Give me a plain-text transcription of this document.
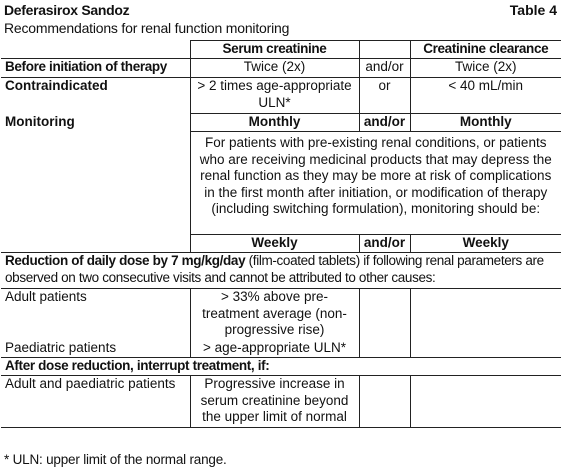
Deferasirox Sandoz	Table 4
Recommendations for renal function monitoring
	Serum creatinine		Creatinine clearance
Before initiation of therapy	Twice (2x)	and/or	Twice (2x)
Contraindicated	> 2 times age-appropriate ULN*	or	< 40 mL/min
Monitoring	Monthly	and/or	Monthly
	For patients with pre-existing renal conditions, or patients who are receiving medicinal products that may depress the renal function as they may be more at risk of complications in the first month after initiation, or modification of therapy (including switching formulation), monitoring should be:		
	Weekly	and/or	Weekly
Reduction of daily dose by 7 mg/kg/day (film-coated tablets) if following renal parameters are observed on two consecutive visits and cannot be attributed to other causes:			
Adult patients	> 33% above pre-treatment average (non-progressive rise)		
Paediatric patients	> age-appropriate ULN*		
After dose reduction, interrupt treatment, if:			
Adult and paediatric patients	Progressive increase in serum creatinine beyond the upper limit of normal		
* ULN: upper limit of the normal range.
